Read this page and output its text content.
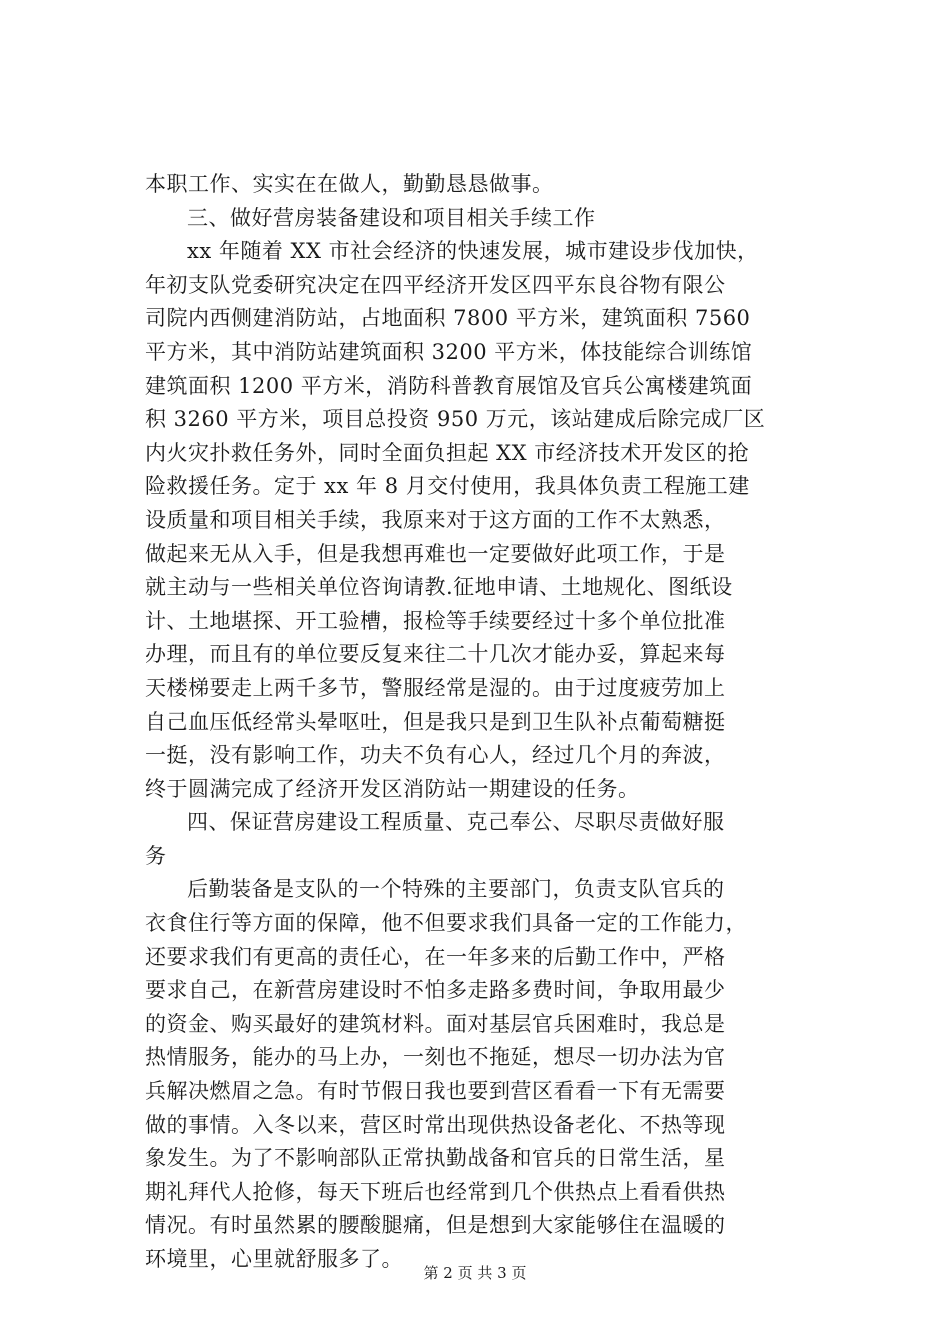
本职工作、实实在在做人，勤勤恳恳做事。
三、做好营房装备建设和项目相关手续工作
xx 年随着 XX 市社会经济的快速发展，城市建设步伐加快，
年初支队党委研究决定在四平经济开发区四平东良谷物有限公
司院内西侧建消防站，占地面积 7800 平方米，建筑面积 7560
平方米，其中消防站建筑面积 3200 平方米，体技能综合训练馆
建筑面积 1200 平方米，消防科普教育展馆及官兵公寓楼建筑面
积 3260 平方米，项目总投资 950 万元，该站建成后除完成厂区
内火灾扑救任务外，同时全面负担起 XX 市经济技术开发区的抢
险救援任务。定于 xx 年 8 月交付使用，我具体负责工程施工建
设质量和项目相关手续，我原来对于这方面的工作不太熟悉，
做起来无从入手，但是我想再难也一定要做好此项工作，于是
就主动与一些相关单位咨询请教.征地申请、土地规化、图纸设
计、土地堪探、开工验槽，报检等手续要经过十多个单位批准
办理，而且有的单位要反复来往二十几次才能办妥，算起来每
天楼梯要走上两千多节，警服经常是湿的。由于过度疲劳加上
自己血压低经常头晕呕吐，但是我只是到卫生队补点葡萄糖挺
一挺，没有影响工作，功夫不负有心人，经过几个月的奔波，
终于圆满完成了经济开发区消防站一期建设的任务。
四、保证营房建设工程质量、克己奉公、尽职尽责做好服
务
后勤装备是支队的一个特殊的主要部门，负责支队官兵的
衣食住行等方面的保障，他不但要求我们具备一定的工作能力，
还要求我们有更高的责任心，在一年多来的后勤工作中，严格
要求自己，在新营房建设时不怕多走路多费时间，争取用最少
的资金、购买最好的建筑材料。面对基层官兵困难时，我总是
热情服务，能办的马上办，一刻也不拖延，想尽一切办法为官
兵解决燃眉之急。有时节假日我也要到营区看看一下有无需要
做的事情。入冬以来，营区时常出现供热设备老化、不热等现
象发生。为了不影响部队正常执勤战备和官兵的日常生活，星
期礼拜代人抢修，每天下班后也经常到几个供热点上看看供热
情况。有时虽然累的腰酸腿痛，但是想到大家能够住在温暖的
环境里，心里就舒服多了。
第 2 页 共 3 页
